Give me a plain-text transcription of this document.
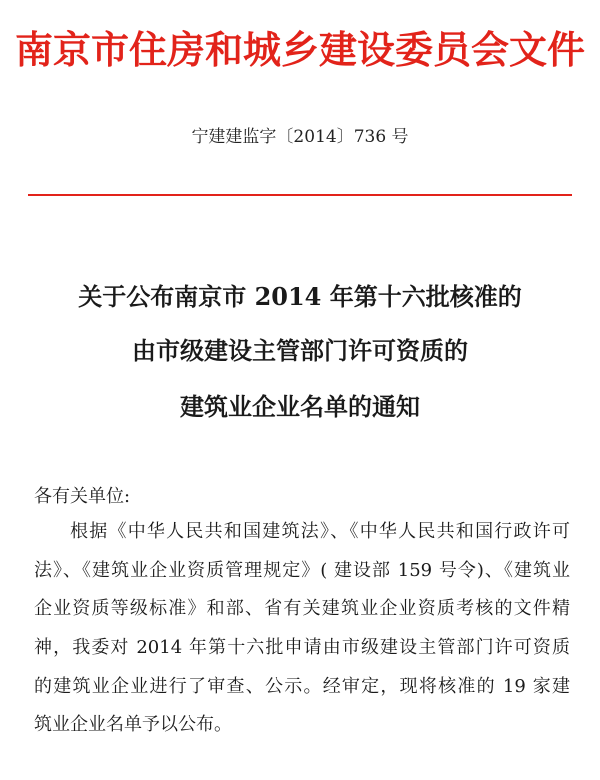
南京市住房和城乡建设委员会文件
宁建建监字〔2014〕736 号
关于公布南京市 2014 年第十六批核准的
由市级建设主管部门许可资质的
建筑业企业名单的通知
各有关单位:
根据《中华人民共和国建筑法》、《中华人民共和国行政许可
法》、《建筑业企业资质管理规定》( 建设部 159 号令)、《建筑业
企业资质等级标准》和部、省有关建筑业企业资质考核的文件精
神，我委对 2014 年第十六批申请由市级建设主管部门许可资质
的建筑业企业进行了审查、公示。经审定，现将核准的 19 家建
筑业企业名单予以公布。
